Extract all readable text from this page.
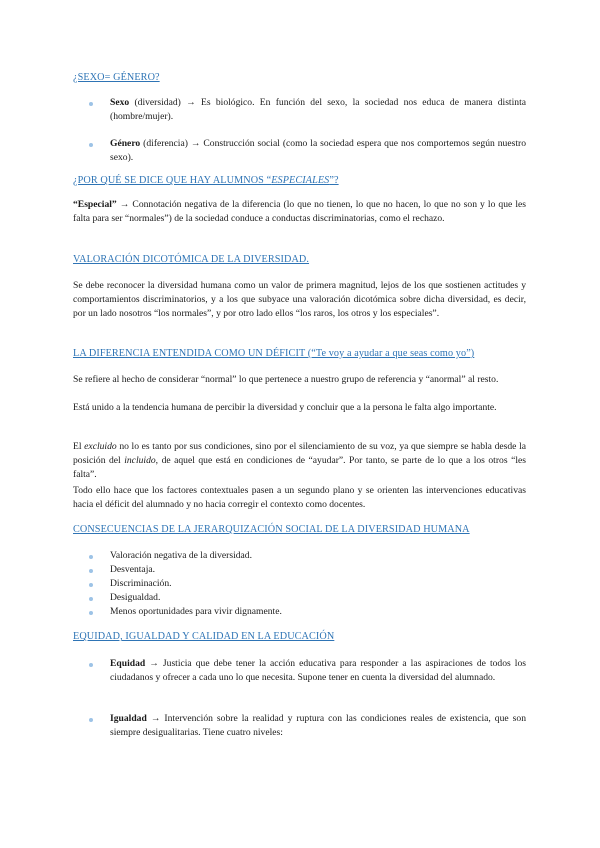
¿SEXO= GÉNERO?
Sexo (diversidad) → Es biológico. En función del sexo, la sociedad nos educa de manera distinta (hombre/mujer).
Género (diferencia) → Construcción social (como la sociedad espera que nos comportemos según nuestro sexo).
¿POR QUÉ SE DICE QUE HAY ALUMNOS “ESPECIALES”?
“Especial” → Connotación negativa de la diferencia (lo que no tienen, lo que no hacen, lo que no son y lo que les falta para ser “normales”) de la sociedad conduce a conductas discriminatorias, como el rechazo.
VALORACIÓN DICOTÓMICA DE LA DIVERSIDAD.
Se debe reconocer la diversidad humana como un valor de primera magnitud, lejos de los que sostienen actitudes y comportamientos discriminatorios, y a los que subyace una valoración dicotómica sobre dicha diversidad, es decir, por un lado nosotros “los normales”, y por otro lado ellos “los raros, los otros y los especiales”.
LA DIFERENCIA ENTENDIDA COMO UN DÉFICIT (“Te voy a ayudar a que seas como yo”)
Se refiere al hecho de considerar “normal” lo que pertenece a nuestro grupo de referencia y “anormal” al resto.
Está unido a la tendencia humana de percibir la diversidad y concluir que a la persona le falta algo importante.
El excluido no lo es tanto por sus condiciones, sino por el silenciamiento de su voz, ya que siempre se habla desde la posición del incluido, de aquel que está en condiciones de “ayudar”. Por tanto, se parte de lo que a los otros “les falta”.
Todo ello hace que los factores contextuales pasen a un segundo plano y se orienten las intervenciones educativas hacia el déficit del alumnado y no hacia corregir el contexto como docentes.
CONSECUENCIAS DE LA JERARQUIZACIÓN SOCIAL DE LA DIVERSIDAD HUMANA
Valoración negativa de la diversidad.
Desventaja.
Discriminación.
Desigualdad.
Menos oportunidades para vivir dignamente.
EQUIDAD, IGUALDAD Y CALIDAD EN LA EDUCACIÓN
Equidad → Justicia que debe tener la acción educativa para responder a las aspiraciones de todos los ciudadanos y ofrecer a cada uno lo que necesita. Supone tener en cuenta la diversidad del alumnado.
Igualdad → Intervención sobre la realidad y ruptura con las condiciones reales de existencia, que son siempre desigualitarias. Tiene cuatro niveles:
